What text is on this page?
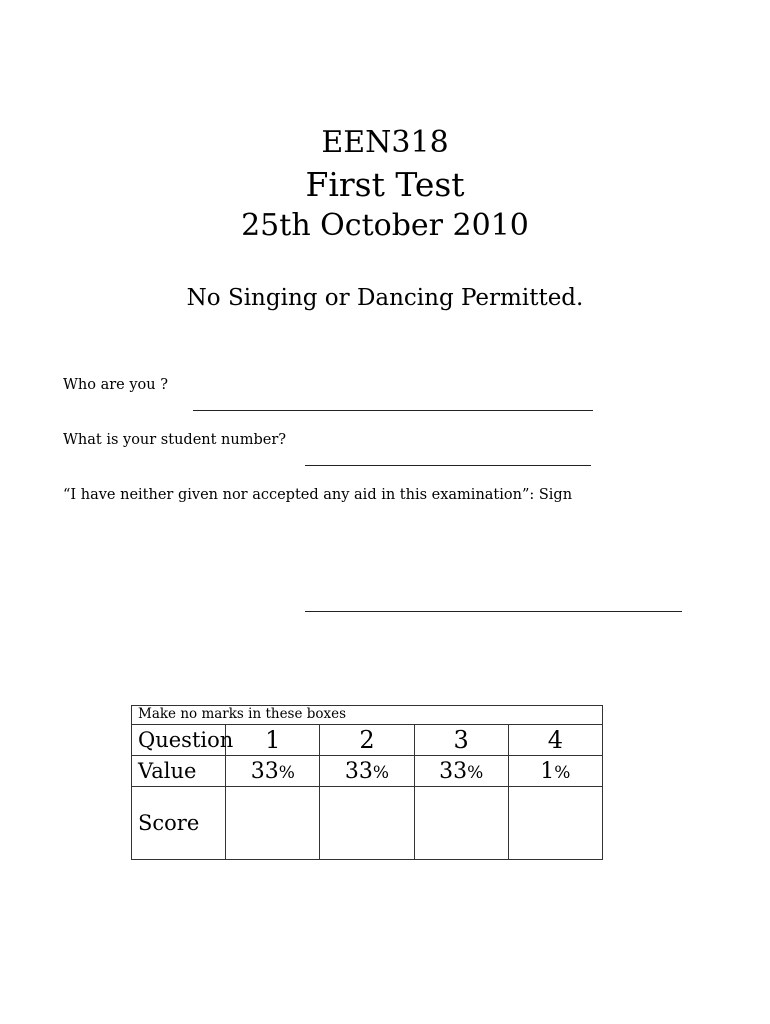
EEN318
First Test
25th October 2010
No Singing or Dancing Permitted.
Who are you ?
What is your student number?
“I have neither given nor accepted any aid in this examination”: Sign
Make no marks in these boxes				
Question	1	2	3	4
Value	33%	33%	33%	1%
Score				
